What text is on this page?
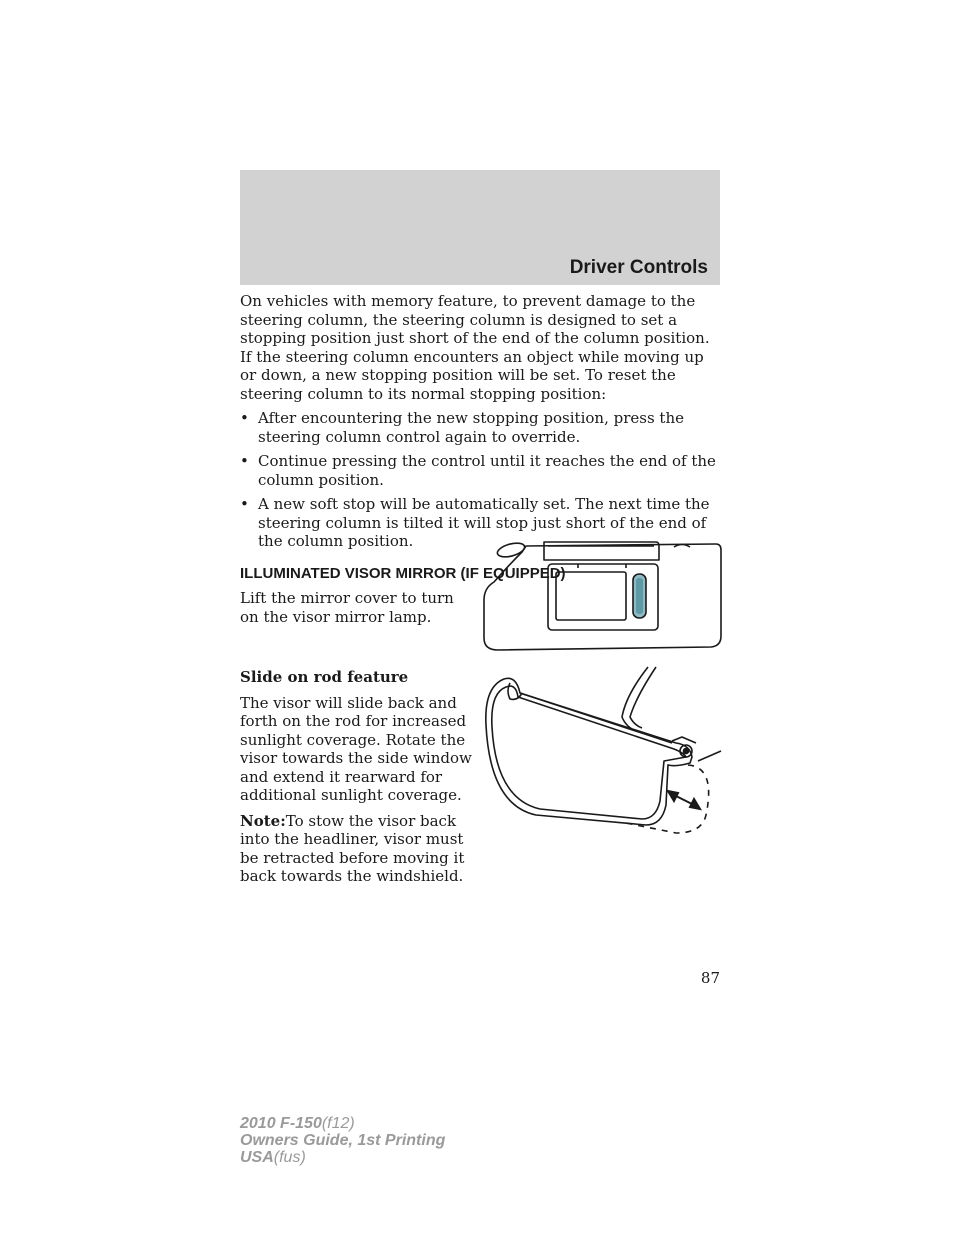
Driver Controls

On vehicles with memory feature, to prevent damage to the steering column, the steering column is designed to set a stopping position just short of the end of the column position. If the steering column encounters an object while moving up or down, a new stopping position will be set. To reset the steering column to its normal stopping position:

• After encountering the new stopping position, press the steering column control again to override.
• Continue pressing the control until it reaches the end of the column position.
• A new soft stop will be automatically set. The next time the steering column is tilted it will stop just short of the end of the column position.
ILLUMINATED VISOR MIRROR (IF EQUIPPED)

Lift the mirror cover to turn on the visor mirror lamp.

Slide on rod feature

The visor will slide back and forth on the rod for increased sunlight coverage. Rotate the visor towards the side window and extend it rearward for additional sunlight coverage.

Note:To stow the visor back into the headliner, visor must be retracted before moving it back towards the windshield.

87
2010 F-150(f12)
Owners Guide, 1st Printing
USA(fus)
